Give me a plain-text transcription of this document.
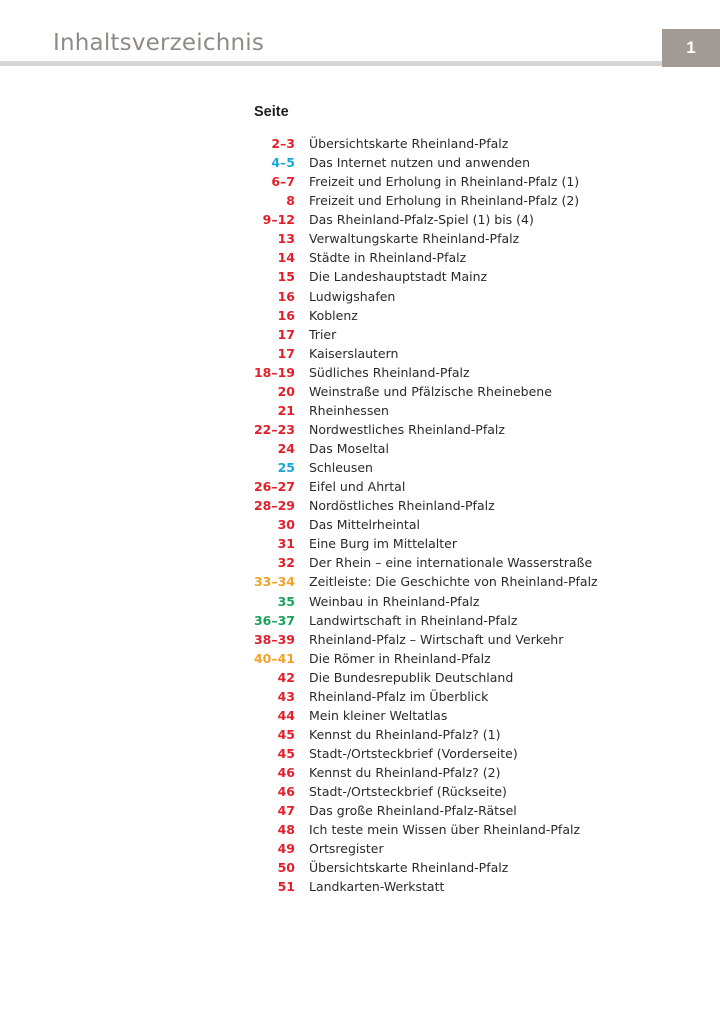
Inhaltsverzeichnis	1
Seite
2–3 Übersichtskarte Rheinland-Pfalz
4–5 Das Internet nutzen und anwenden
6–7 Freizeit und Erholung in Rheinland-Pfalz (1)
8 Freizeit und Erholung in Rheinland-Pfalz (2)
9–12 Das Rheinland-Pfalz-Spiel (1) bis (4)
13 Verwaltungskarte Rheinland-Pfalz
14 Städte in Rheinland-Pfalz
15 Die Landeshauptstadt Mainz
16 Ludwigshafen
16 Koblenz
17 Trier
17 Kaiserslautern
18–19 Südliches Rheinland-Pfalz
20 Weinstraße und Pfälzische Rheinebene
21 Rheinhessen
22–23 Nordwestliches Rheinland-Pfalz
24 Das Moseltal
25 Schleusen
26–27 Eifel und Ahrtal
28–29 Nordöstliches Rheinland-Pfalz
30 Das Mittelrheintal
31 Eine Burg im Mittelalter
32 Der Rhein – eine internationale Wasserstraße
33–34 Zeitleiste: Die Geschichte von Rheinland-Pfalz
35 Weinbau in Rheinland-Pfalz
36–37 Landwirtschaft in Rheinland-Pfalz
38–39 Rheinland-Pfalz – Wirtschaft und Verkehr
40–41 Die Römer in Rheinland-Pfalz
42 Die Bundesrepublik Deutschland
43 Rheinland-Pfalz im Überblick
44 Mein kleiner Weltatlas
45 Kennst du Rheinland-Pfalz? (1)
45 Stadt-/Ortsteckbrief (Vorderseite)
46 Kennst du Rheinland-Pfalz? (2)
46 Stadt-/Ortsteckbrief (Rückseite)
47 Das große Rheinland-Pfalz-Rätsel
48 Ich teste mein Wissen über Rheinland-Pfalz
49 Ortsregister
50 Übersichtskarte Rheinland-Pfalz
51 Landkarten-Werkstatt
